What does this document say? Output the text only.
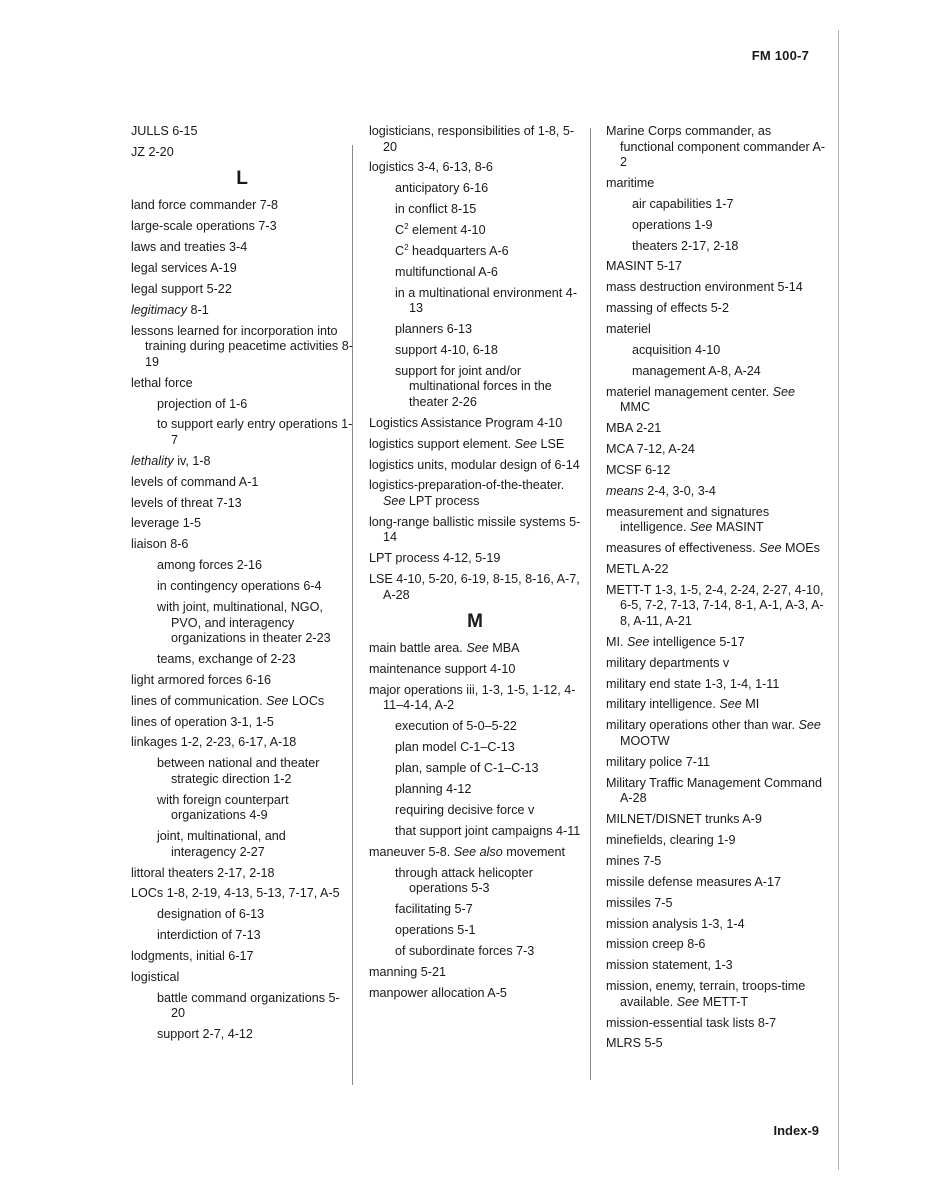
FM 100-7
JULLS 6-15
JZ 2-20
L
land force commander 7-8
large-scale operations 7-3
laws and treaties 3-4
legal services A-19
legal support 5-22
legitimacy 8-1
lessons learned for incorporation into training during peacetime activities 8-19
lethal force
projection of 1-6
to support early entry operations 1-7
lethality iv, 1-8
levels of command A-1
levels of threat 7-13
leverage 1-5
liaison 8-6
among forces 2-16
in contingency operations 6-4
with joint, multinational, NGO, PVO, and interagency organizations in theater 2-23
teams, exchange of 2-23
light armored forces 6-16
lines of communication. See LOCs
lines of operation 3-1, 1-5
linkages 1-2, 2-23, 6-17, A-18
between national and theater strategic direction 1-2
with foreign counterpart organizations 4-9
joint, multinational, and interagency 2-27
littoral theaters 2-17, 2-18
LOCs 1-8, 2-19, 4-13, 5-13, 7-17, A-5
designation of 6-13
interdiction of 7-13
lodgments, initial 6-17
logistical
battle command organizations 5-20
support 2-7, 4-12
logisticians, responsibilities of 1-8, 5-20
logistics 3-4, 6-13, 8-6
anticipatory 6-16
in conflict 8-15
$C^2$ element 4-10
$C^2$ headquarters A-6
multifunctional A-6
in a multinational environment 4-13
planners 6-13
support 4-10, 6-18
support for joint and/or multinational forces in the theater 2-26
Logistics Assistance Program 4-10
logistics support element. See LSE
logistics units, modular design of 6-14
logistics-preparation-of-the-theater. See LPT process
long-range ballistic missile systems 5-14
LPT process 4-12, 5-19
LSE 4-10, 5-20, 6-19, 8-15, 8-16, A-7, A-28
M
main battle area. See MBA
maintenance support 4-10
major operations iii, 1-3, 1-5, 1-12, 4-11–4-14, A-2
execution of 5-0–5-22
plan model C-1–C-13
plan, sample of C-1–C-13
planning 4-12
requiring decisive force v
that support joint campaigns 4-11
maneuver 5-8. See also movement
through attack helicopter operations 5-3
facilitating 5-7
operations 5-1
of subordinate forces 7-3
manning 5-21
manpower allocation A-5
Marine Corps commander, as functional component commander A-2
maritime
air capabilities 1-7
operations 1-9
theaters 2-17, 2-18
MASINT 5-17
mass destruction environment 5-14
massing of effects 5-2
materiel
acquisition 4-10
management A-8, A-24
materiel management center. See MMC
MBA 2-21
MCA 7-12, A-24
MCSF 6-12
means 2-4, 3-0, 3-4
measurement and signatures intelligence. See MASINT
measures of effectiveness. See MOEs
METL A-22
METT-T 1-3, 1-5, 2-4, 2-24, 2-27, 4-10, 6-5, 7-2, 7-13, 7-14, 8-1, A-1, A-3, A-8, A-11, A-21
MI. See intelligence 5-17
military departments v
military end state 1-3, 1-4, 1-11
military intelligence. See MI
military operations other than war. See MOOTW
military police 7-11
Military Traffic Management Command A-28
MILNET/DISNET trunks A-9
minefields, clearing 1-9
mines 7-5
missile defense measures A-17
missiles 7-5
mission analysis 1-3, 1-4
mission creep 8-6
mission statement, 1-3
mission, enemy, terrain, troops-time available. See METT-T
mission-essential task lists 8-7
MLRS 5-5
Index-9
